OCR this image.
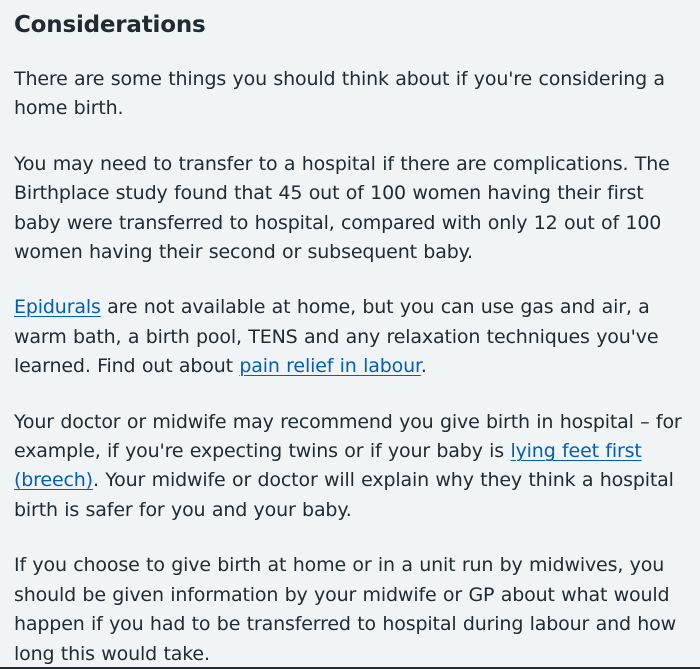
Considerations

There are some things you should think about if you're considering a home birth.

You may need to transfer to a hospital if there are complications. The Birthplace study found that 45 out of 100 women having their first baby were transferred to hospital, compared with only 12 out of 100 women having their second or subsequent baby.

Epidurals are not available at home, but you can use gas and air, a warm bath, a birth pool, TENS and any relaxation techniques you've learned. Find out about pain relief in labour.

Your doctor or midwife may recommend you give birth in hospital – for example, if you're expecting twins or if your baby is lying feet first (breech). Your midwife or doctor will explain why they think a hospital birth is safer for you and your baby.

If you choose to give birth at home or in a unit run by midwives, you should be given information by your midwife or GP about what would happen if you had to be transferred to hospital during labour and how long this would take.
